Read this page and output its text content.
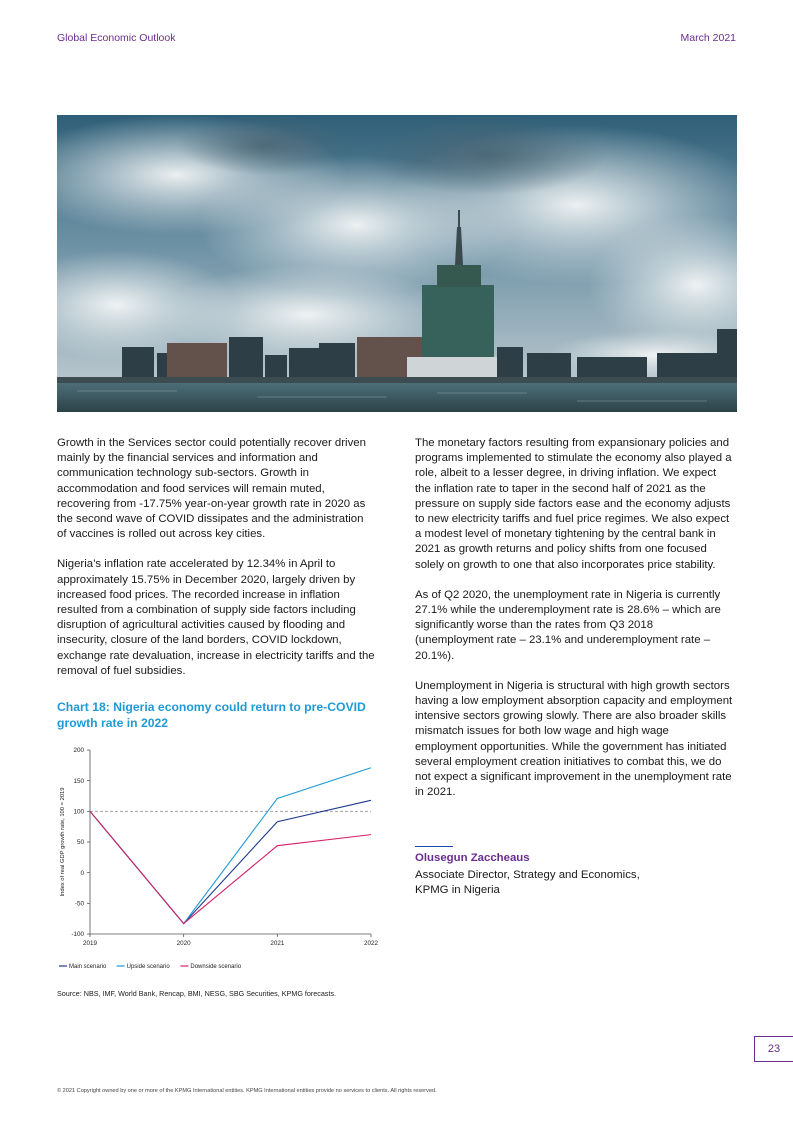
Global Economic Outlook	March 2021

Growth in the Services sector could potentially recover driven mainly by the financial services and information and communication technology sub-sectors. Growth in accommodation and food services will remain muted, recovering from -17.75% year-on-year growth rate in 2020 as the second wave of COVID dissipates and the administration of vaccines is rolled out across key cities.

Nigeria’s inflation rate accelerated by 12.34% in April to approximately 15.75% in December 2020, largely driven by increased food prices. The recorded increase in inflation resulted from a combination of supply side factors including disruption of agricultural activities caused by flooding and insecurity, closure of the land borders, COVID lockdown, exchange rate devaluation, increase in electricity tariffs and the removal of fuel subsidies.

The monetary factors resulting from expansionary policies and programs implemented to stimulate the economy also played a role, albeit to a lesser degree, in driving inflation. We expect the inflation rate to taper in the second half of 2021 as the pressure on supply side factors ease and the economy adjusts to new electricity tariffs and fuel price regimes. We also expect a modest level of monetary tightening by the central bank in 2021 as growth returns and policy shifts from one focused solely on growth to one that also incorporates price stability.

As of Q2 2020, the unemployment rate in Nigeria is currently 27.1% while the underemployment rate is 28.6% – which are significantly worse than the rates from Q3 2018 (unemployment rate – 23.1% and underemployment rate – 20.1%).

Unemployment in Nigeria is structural with high growth sectors having a low employment absorption capacity and employment intensive sectors growing slowly. There are also broader skills mismatch issues for both low wage and high wage employment opportunities. While the government has initiated several employment creation initiatives to combat this, we do not expect a significant improvement in the unemployment rate in 2021.

Chart 18: Nigeria economy could return to pre-COVID growth rate in 2022
-100
-50
0
50
100
150
200
2019	2020	2021	2022
Index of real GDP growth rate, 100 = 2019
Main scenario	Upside scenario	Downside scenario
Source: NBS, IMF, World Bank, Rencap, BMI, NESG, SBG Securities, KPMG forecasts.
Olusegun Zaccheaus
Associate Director, Strategy and Economics,
KPMG in Nigeria
23
© 2021 Copyright owned by one or more of the KPMG International entities. KPMG International entities provide no services to clients. All rights reserved.
